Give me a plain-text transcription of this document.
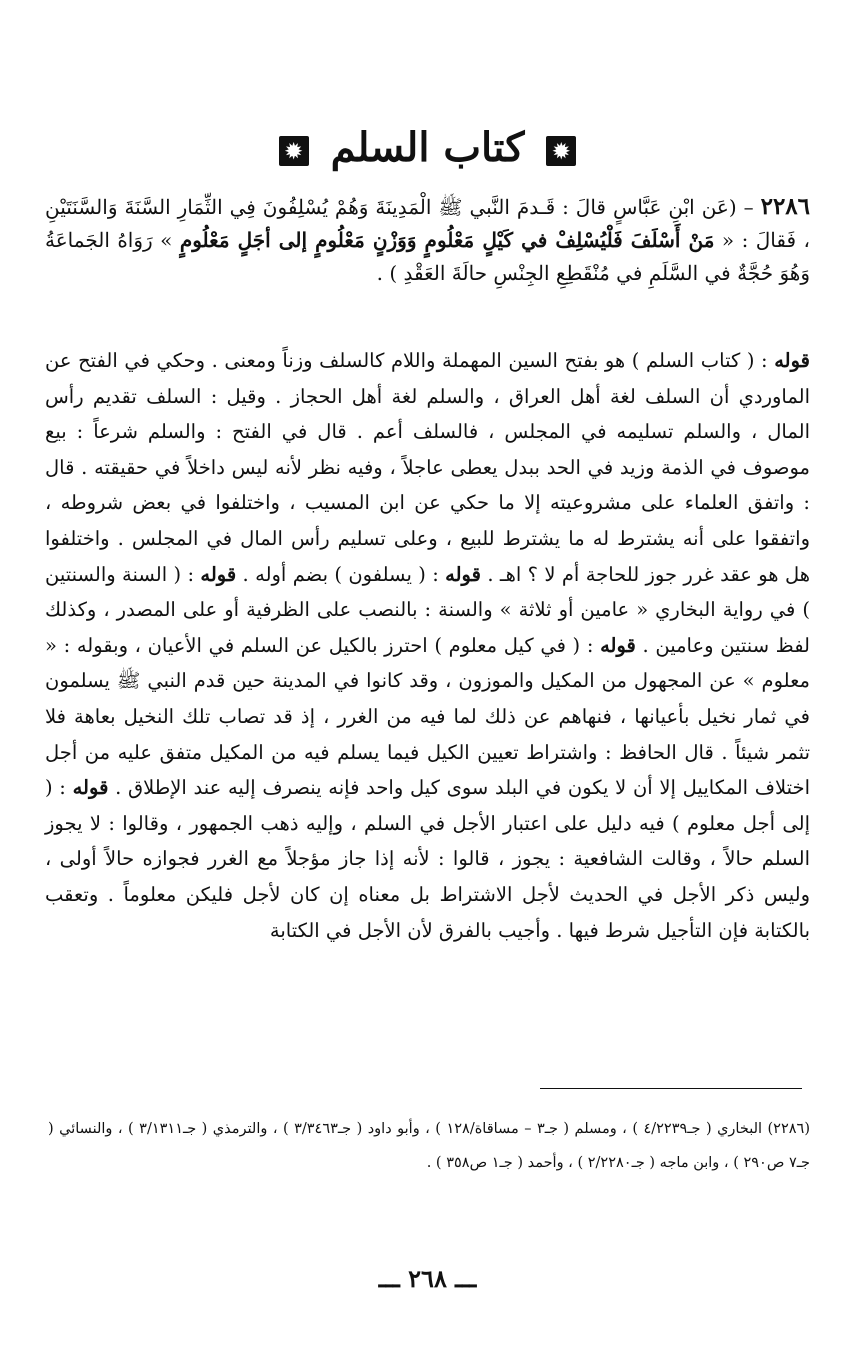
✹ كتاب السلم ✹
٢٢٨٦ – (عَن ابْنِ عَبَّاسٍ قالَ : قَـدمَ النَّبي ﷺ الْمَدِينَةَ وَهُمْ يُسْلِفُونَ فِي الثِّمَارِ السَّنَةَ وَالسَّنَتَيْنِ ، فَقالَ : « مَنْ أَسْلَفَ فَلْيُسْلِفْ في كَيْلٍ مَعْلُومٍ وَوَزْنٍ مَعْلُومٍ إلى أجَلٍ مَعْلُومٍ » رَوَاهُ الجَماعَةُ وَهُوَ حُجَّةٌ في السَّلَمِ في مُنْقَطِعِ الجِنْسِ حالَةَ العَقْدِ ) .
قوله : ( كتاب السلم ) هو بفتح السين المهملة واللام كالسلف وزناً ومعنى . وحكي في الفتح عن الماوردي أن السلف لغة أهل العراق ، والسلم لغة أهل الحجاز . وقيل : السلف تقديم رأس المال ، والسلم تسليمه في المجلس ، فالسلف أعم . قال في الفتح : والسلم شرعاً : بيع موصوف في الذمة وزيد في الحد ببدل يعطى عاجلاً ، وفيه نظر لأنه ليس داخلاً في حقيقته . قال : واتفق العلماء على مشروعيته إلا ما حكي عن ابن المسيب ، واختلفوا في بعض شروطه ، واتفقوا على أنه يشترط له ما يشترط للبيع ، وعلى تسليم رأس المال في المجلس . واختلفوا هل هو عقد غرر جوز للحاجة أم لا ؟ اهـ . قوله : ( يسلفون ) بضم أوله . قوله : ( السنة والسنتين ) في رواية البخاري « عامين أو ثلاثة » والسنة : بالنصب على الظرفية أو على المصدر ، وكذلك لفظ سنتين وعامين . قوله : ( في كيل معلوم ) احترز بالكيل عن السلم في الأعيان ، وبقوله : « معلوم » عن المجهول من المكيل والموزون ، وقد كانوا في المدينة حين قدم النبي ﷺ يسلمون في ثمار نخيل بأعيانها ، فنهاهم عن ذلك لما فيه من الغرر ، إذ قد تصاب تلك النخيل بعاهة فلا تثمر شيئاً . قال الحافظ : واشتراط تعيين الكيل فيما يسلم فيه من المكيل متفق عليه من أجل اختلاف المكاييل إلا أن لا يكون في البلد سوى كيل واحد فإنه ينصرف إليه عند الإطلاق . قوله : ( إلى أجل معلوم ) فيه دليل على اعتبار الأجل في السلم ، وإليه ذهب الجمهور ، وقالوا : لا يجوز السلم حالاً ، وقالت الشافعية : يجوز ، قالوا : لأنه إذا جاز مؤجلاً مع الغرر فجوازه حالاً أولى ، وليس ذكر الأجل في الحديث لأجل الاشتراط بل معناه إن كان لأجل فليكن معلوماً . وتعقب بالكتابة فإن التأجيل شرط فيها . وأجيب بالفرق لأن الأجل في الكتابة
(٢٢٨٦) البخاري ( جـ٤/٢٢٣٩ ) ، ومسلم ( جـ٣ – مساقاة/١٢٨ ) ، وأبو داود ( جـ٣/٣٤٦٣ ) ، والترمذي ( جـ٣/١٣١١ ) ، والنسائي ( جـ٧ ص٢٩٠ ) ، وابن ماجه ( جـ٢/٢٢٨٠ ) ، وأحمد ( جـ١ ص٣٥٨ ) .
ـــ ٢٦٨ ـــ
